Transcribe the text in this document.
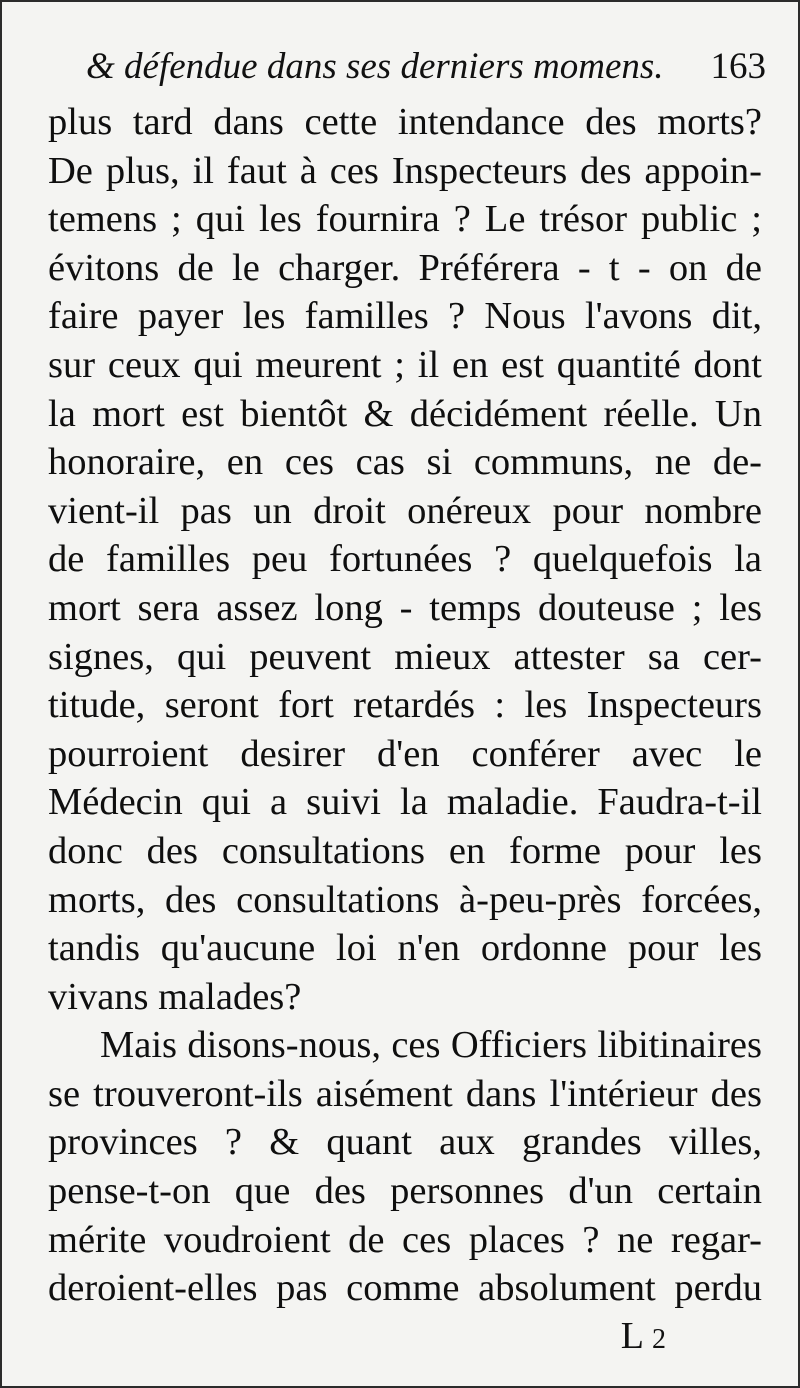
& défendue dans ses derniers momens. 163
plus tard dans cette intendance des morts?
De plus, il faut à ces Inspecteurs des appoin-
temens ; qui les fournira ? Le trésor public ;
évitons de le charger. Préférera - t - on de
faire payer les familles ? Nous l'avons dit,
sur ceux qui meurent ; il en est quantité dont
la mort est bientôt & décidément réelle. Un
honoraire, en ces cas si communs, ne de-
vient-il pas un droit onéreux pour nombre
de familles peu fortunées ? quelquefois la
mort sera assez long - temps douteuse ; les
signes, qui peuvent mieux attester sa cer-
titude, seront fort retardés : les Inspecteurs
pourroient desirer d'en conférer avec le
Médecin qui a suivi la maladie. Faudra-t-il
donc des consultations en forme pour les
morts, des consultations à-peu-près forcées,
tandis qu'aucune loi n'en ordonne pour les
vivans malades?
Mais disons-nous, ces Officiers libitinaires
se trouveront-ils aisément dans l'intérieur des
provinces ? & quant aux grandes villes,
pense-t-on que des personnes d'un certain
mérite voudroient de ces places ? ne regar-
deroient-elles pas comme absolument perdu
L 2
